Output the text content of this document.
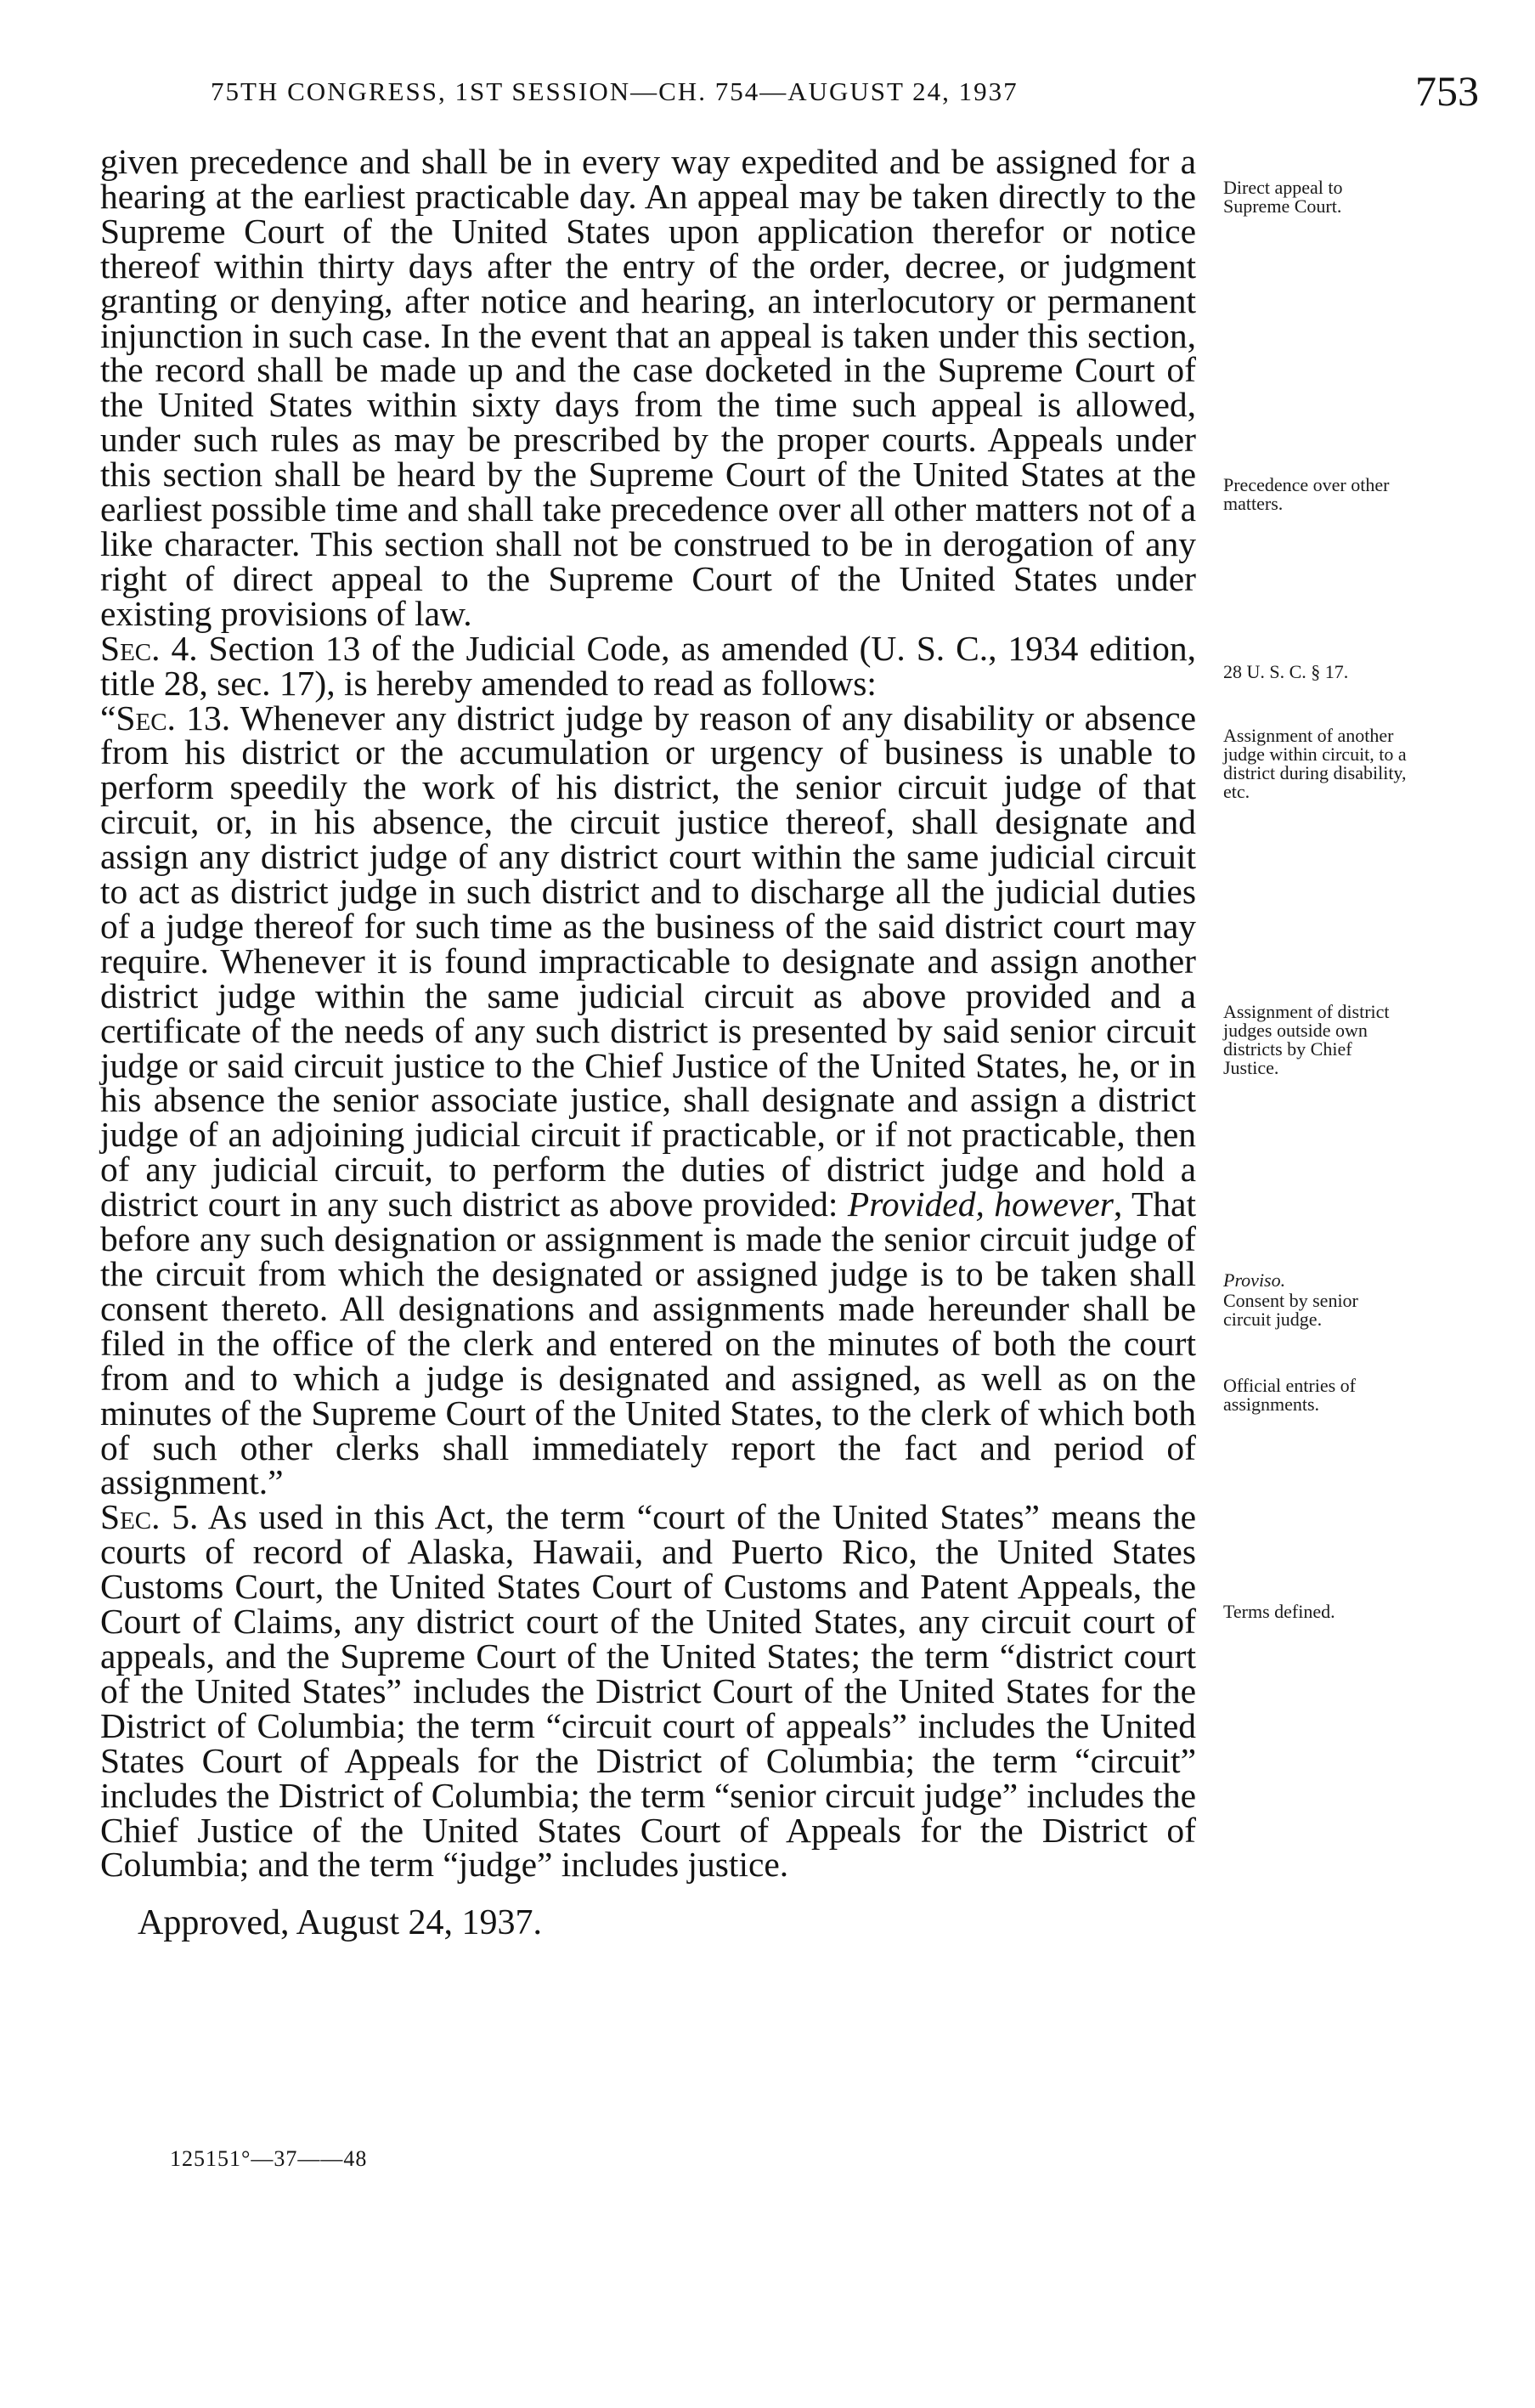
75TH CONGRESS, 1ST SESSION—CH. 754—AUGUST 24, 1937	753

given precedence and shall be in every way expedited and be assigned for a hearing at the earliest practicable day. An appeal may be taken directly to the Supreme Court of the United States upon application therefor or notice thereof within thirty days after the entry of the order, decree, or judgment granting or denying, after notice and hearing, an interlocutory or permanent injunction in such case. In the event that an appeal is taken under this section, the record shall be made up and the case docketed in the Supreme Court of the United States within sixty days from the time such appeal is allowed, under such rules as may be prescribed by the proper courts. Appeals under this section shall be heard by the Supreme Court of the United States at the earliest possible time and shall take precedence over all other matters not of a like character. This section shall not be construed to be in derogation of any right of direct appeal to the Supreme Court of the United States under existing provisions of law.

Sec. 4. Section 13 of the Judicial Code, as amended (U. S. C., 1934 edition, title 28, sec. 17), is hereby amended to read as follows:

“Sec. 13. Whenever any district judge by reason of any disability or absence from his district or the accumulation or urgency of business is unable to perform speedily the work of his district, the senior circuit judge of that circuit, or, in his absence, the circuit justice thereof, shall designate and assign any district judge of any district court within the same judicial circuit to act as district judge in such district and to discharge all the judicial duties of a judge thereof for such time as the business of the said district court may require. Whenever it is found impracticable to designate and assign another district judge within the same judicial circuit as above provided and a certificate of the needs of any such district is presented by said senior circuit judge or said circuit justice to the Chief Justice of the United States, he, or in his absence the senior associate justice, shall designate and assign a district judge of an adjoining judicial circuit if practicable, or if not practicable, then of any judicial circuit, to perform the duties of district judge and hold a district court in any such district as above provided: Provided, however, That before any such designation or assignment is made the senior circuit judge of the circuit from which the designated or assigned judge is to be taken shall consent thereto. All designations and assignments made hereunder shall be filed in the office of the clerk and entered on the minutes of both the court from and to which a judge is designated and assigned, as well as on the minutes of the Supreme Court of the United States, to the clerk of which both of such other clerks shall immediately report the fact and period of assignment.”

Sec. 5. As used in this Act, the term “court of the United States” means the courts of record of Alaska, Hawaii, and Puerto Rico, the United States Customs Court, the United States Court of Customs and Patent Appeals, the Court of Claims, any district court of the United States, any circuit court of appeals, and the Supreme Court of the United States; the term “district court of the United States” includes the District Court of the United States for the District of Columbia; the term “circuit court of appeals” includes the United States Court of Appeals for the District of Columbia; the term “circuit” includes the District of Columbia; the term “senior circuit judge” includes the Chief Justice of the United States Court of Appeals for the District of Columbia; and the term “judge” includes justice.

Approved, August 24, 1937.

Direct appeal to Supreme Court.
Precedence over other matters.
28 U. S. C. § 17.
Assignment of another judge within circuit, to a district during disability, etc.
Assignment of district judges outside own districts by Chief Justice.
Proviso.
Consent by senior circuit judge.
Official entries of assignments.
Terms defined.
125151°—37——48
